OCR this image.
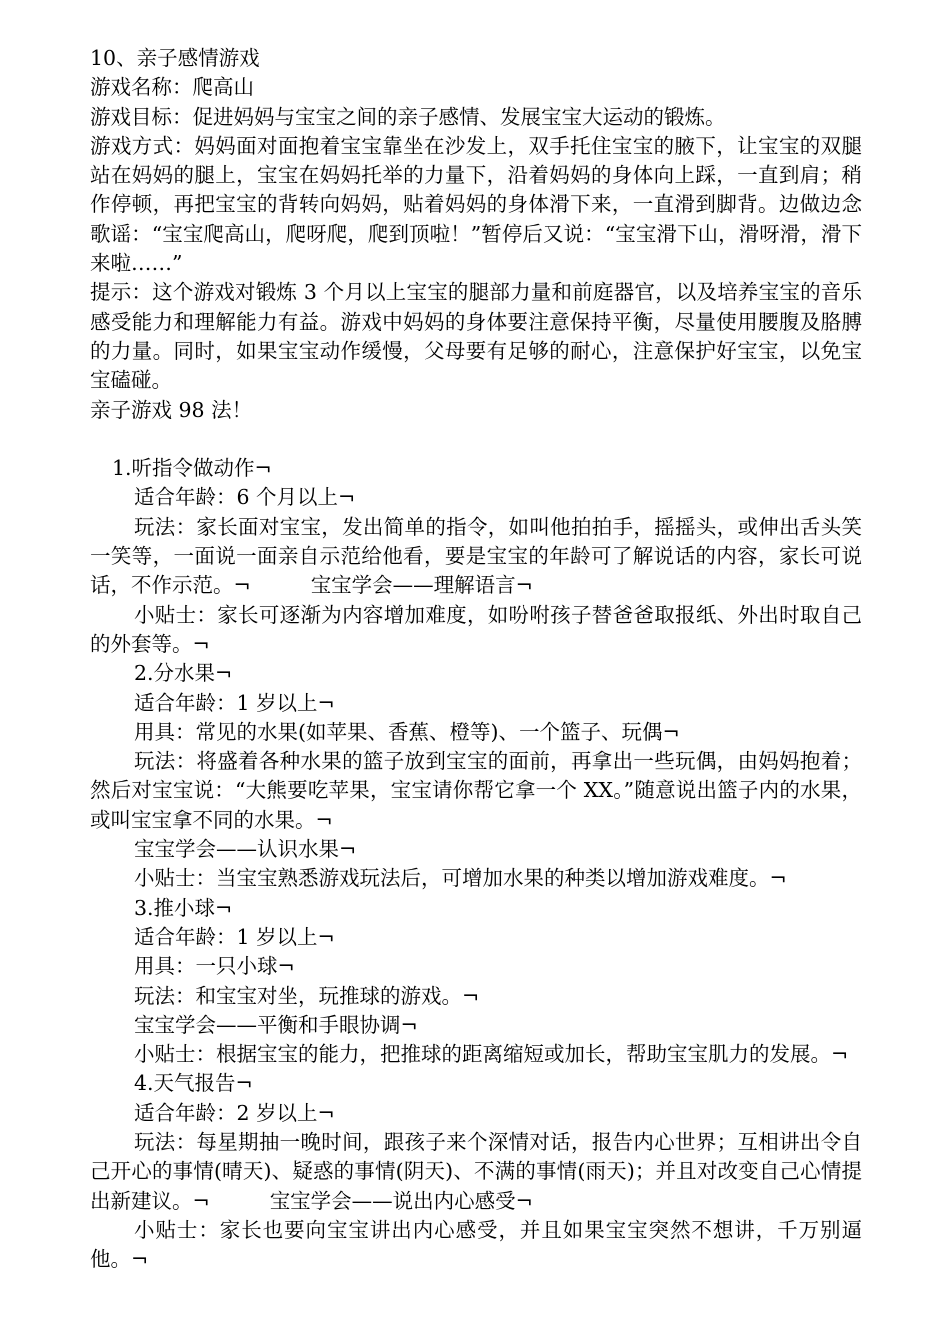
10、亲子感情游戏

游戏名称：爬高山

游戏目标：促进妈妈与宝宝之间的亲子感情、发展宝宝大运动的锻炼。

游戏方式：妈妈面对面抱着宝宝靠坐在沙发上，双手托住宝宝的腋下，让宝宝的双腿站在妈妈的腿上，宝宝在妈妈托举的力量下，沿着妈妈的身体向上踩，一直到肩；稍作停顿，再把宝宝的背转向妈妈，贴着妈妈的身体滑下来，一直滑到脚背。边做边念歌谣：“宝宝爬高山，爬呀爬，爬到顶啦！”暂停后又说：“宝宝滑下山，滑呀滑，滑下来啦……”

提示：这个游戏对锻炼 3 个月以上宝宝的腿部力量和前庭器官，以及培养宝宝的音乐感受能力和理解能力有益。游戏中妈妈的身体要注意保持平衡，尽量使用腰腹及胳膊的力量。同时，如果宝宝动作缓慢，父母要有足够的耐心，注意保护好宝宝，以免宝宝磕碰。

亲子游戏 98 法！

1.听指令做动作¬

适合年龄：6 个月以上¬

玩法：家长面对宝宝，发出简单的指令，如叫他拍拍手，摇摇头，或伸出舌头笑一笑等，一面说一面亲自示范给他看，要是宝宝的年龄可了解说话的内容，家长可说话，不作示范。¬	宝宝学会——理解语言¬

小贴士：家长可逐渐为内容增加难度，如吩咐孩子替爸爸取报纸、外出时取自己的外套等。¬

2.分水果¬

适合年龄：1 岁以上¬

用具：常见的水果(如苹果、香蕉、橙等)、一个篮子、玩偶¬

玩法：将盛着各种水果的篮子放到宝宝的面前，再拿出一些玩偶，由妈妈抱着；然后对宝宝说：“大熊要吃苹果，宝宝请你帮它拿一个 XX。”随意说出篮子内的水果，或叫宝宝拿不同的水果。¬

宝宝学会——认识水果¬

小贴士：当宝宝熟悉游戏玩法后，可增加水果的种类以增加游戏难度。¬

3.推小球¬

适合年龄：1 岁以上¬

用具：一只小球¬

玩法：和宝宝对坐，玩推球的游戏。¬

宝宝学会——平衡和手眼协调¬

小贴士：根据宝宝的能力，把推球的距离缩短或加长，帮助宝宝肌力的发展。¬

4.天气报告¬

适合年龄：2 岁以上¬

玩法：每星期抽一晚时间，跟孩子来个深情对话，报告内心世界；互相讲出令自己开心的事情(晴天)、疑惑的事情(阴天)、不满的事情(雨天)；并且对改变自己心情提出新建议。¬	宝宝学会——说出内心感受¬

小贴士：家长也要向宝宝讲出内心感受，并且如果宝宝突然不想讲，千万别逼他。¬
